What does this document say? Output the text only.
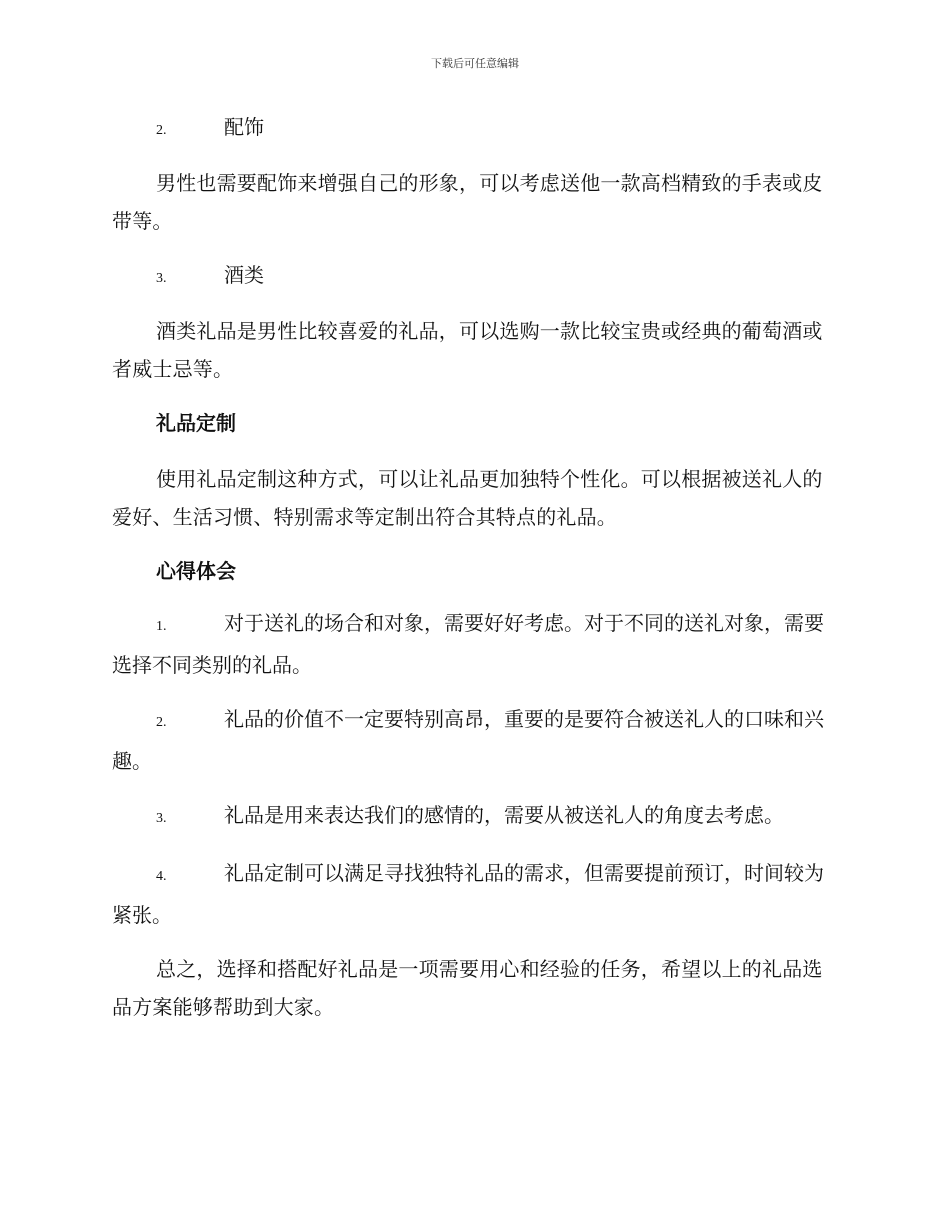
下载后可任意编辑
2.	配饰

男性也需要配饰来增强自己的形象，可以考虑送他一款高档精致的手表或皮带等。

3.	酒类

酒类礼品是男性比较喜爱的礼品，可以选购一款比较宝贵或经典的葡萄酒或者威士忌等。

礼品定制

使用礼品定制这种方式，可以让礼品更加独特个性化。可以根据被送礼人的爱好、生活习惯、特别需求等定制出符合其特点的礼品。

心得体会

1.	对于送礼的场合和对象，需要好好考虑。对于不同的送礼对象，需要选择不同类别的礼品。

2.	礼品的价值不一定要特别高昂，重要的是要符合被送礼人的口味和兴趣。

3.	礼品是用来表达我们的感情的，需要从被送礼人的角度去考虑。

4.	礼品定制可以满足寻找独特礼品的需求，但需要提前预订，时间较为紧张。

总之，选择和搭配好礼品是一项需要用心和经验的任务，希望以上的礼品选品方案能够帮助到大家。
